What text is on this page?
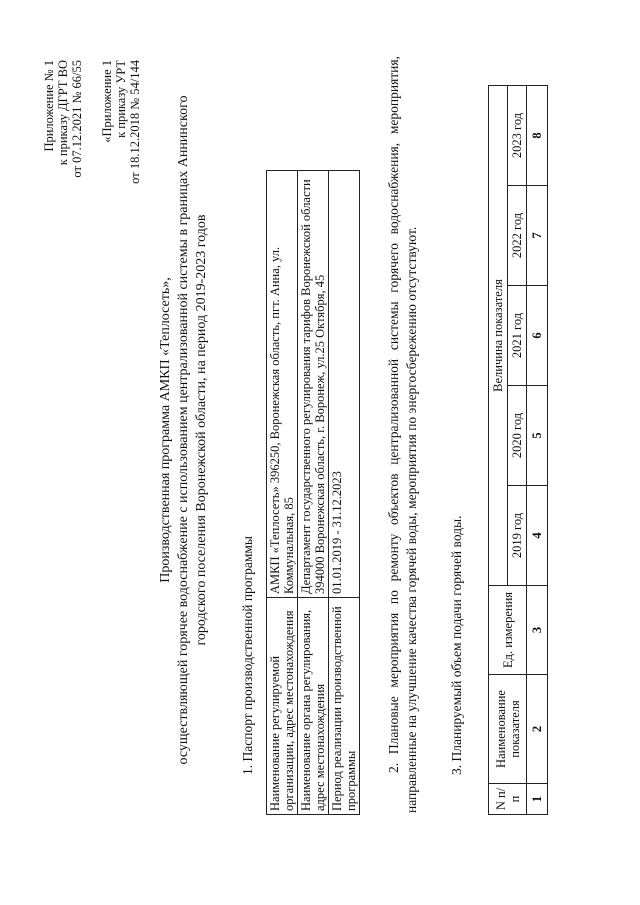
Приложение № 1 к приказу ДГРТ ВО от 07.12.2021 № 66/55 «Приложение 1 к приказу УРТ от 18.12.2018 № 54/144
Производственная программа АМКП «Теплосеть», осуществляющей горячее водоснабжение с использованием централизованной системы в границах Аннинского городского поселения Воронежской области, на период 2019-2023 годов
1. Паспорт производственной программы Наименование регулируемой организации, адрес местонахождения	АМКП «Теплосеть» 396250, Воронежская область, пгт. Анна, ул. Коммунальная, 85
Наименование органа регулирования, адрес местонахождения	Департамент государственного регулирования тарифов Воронежской области 394000 Воронежская область, г. Воронеж, ул.25 Октября, 45
Период реализации производственной программы	01.01.2019 - 31.12.2023	2. Плановые мероприятия по ремонту объектов централизованной системы горячего водоснабжения, мероприятия, направленные на улучшение качества горячей воды, мероприятия по энергосбережению отсутствуют. 3. Планируемый объем подачи горячей воды.
N п/п	Наименование показателя	Ед. измерения	Величина показателя				
			2019 год	2020 год	2021 год	2022 год	2023 год
1	2	3	4	5	6	7	8
